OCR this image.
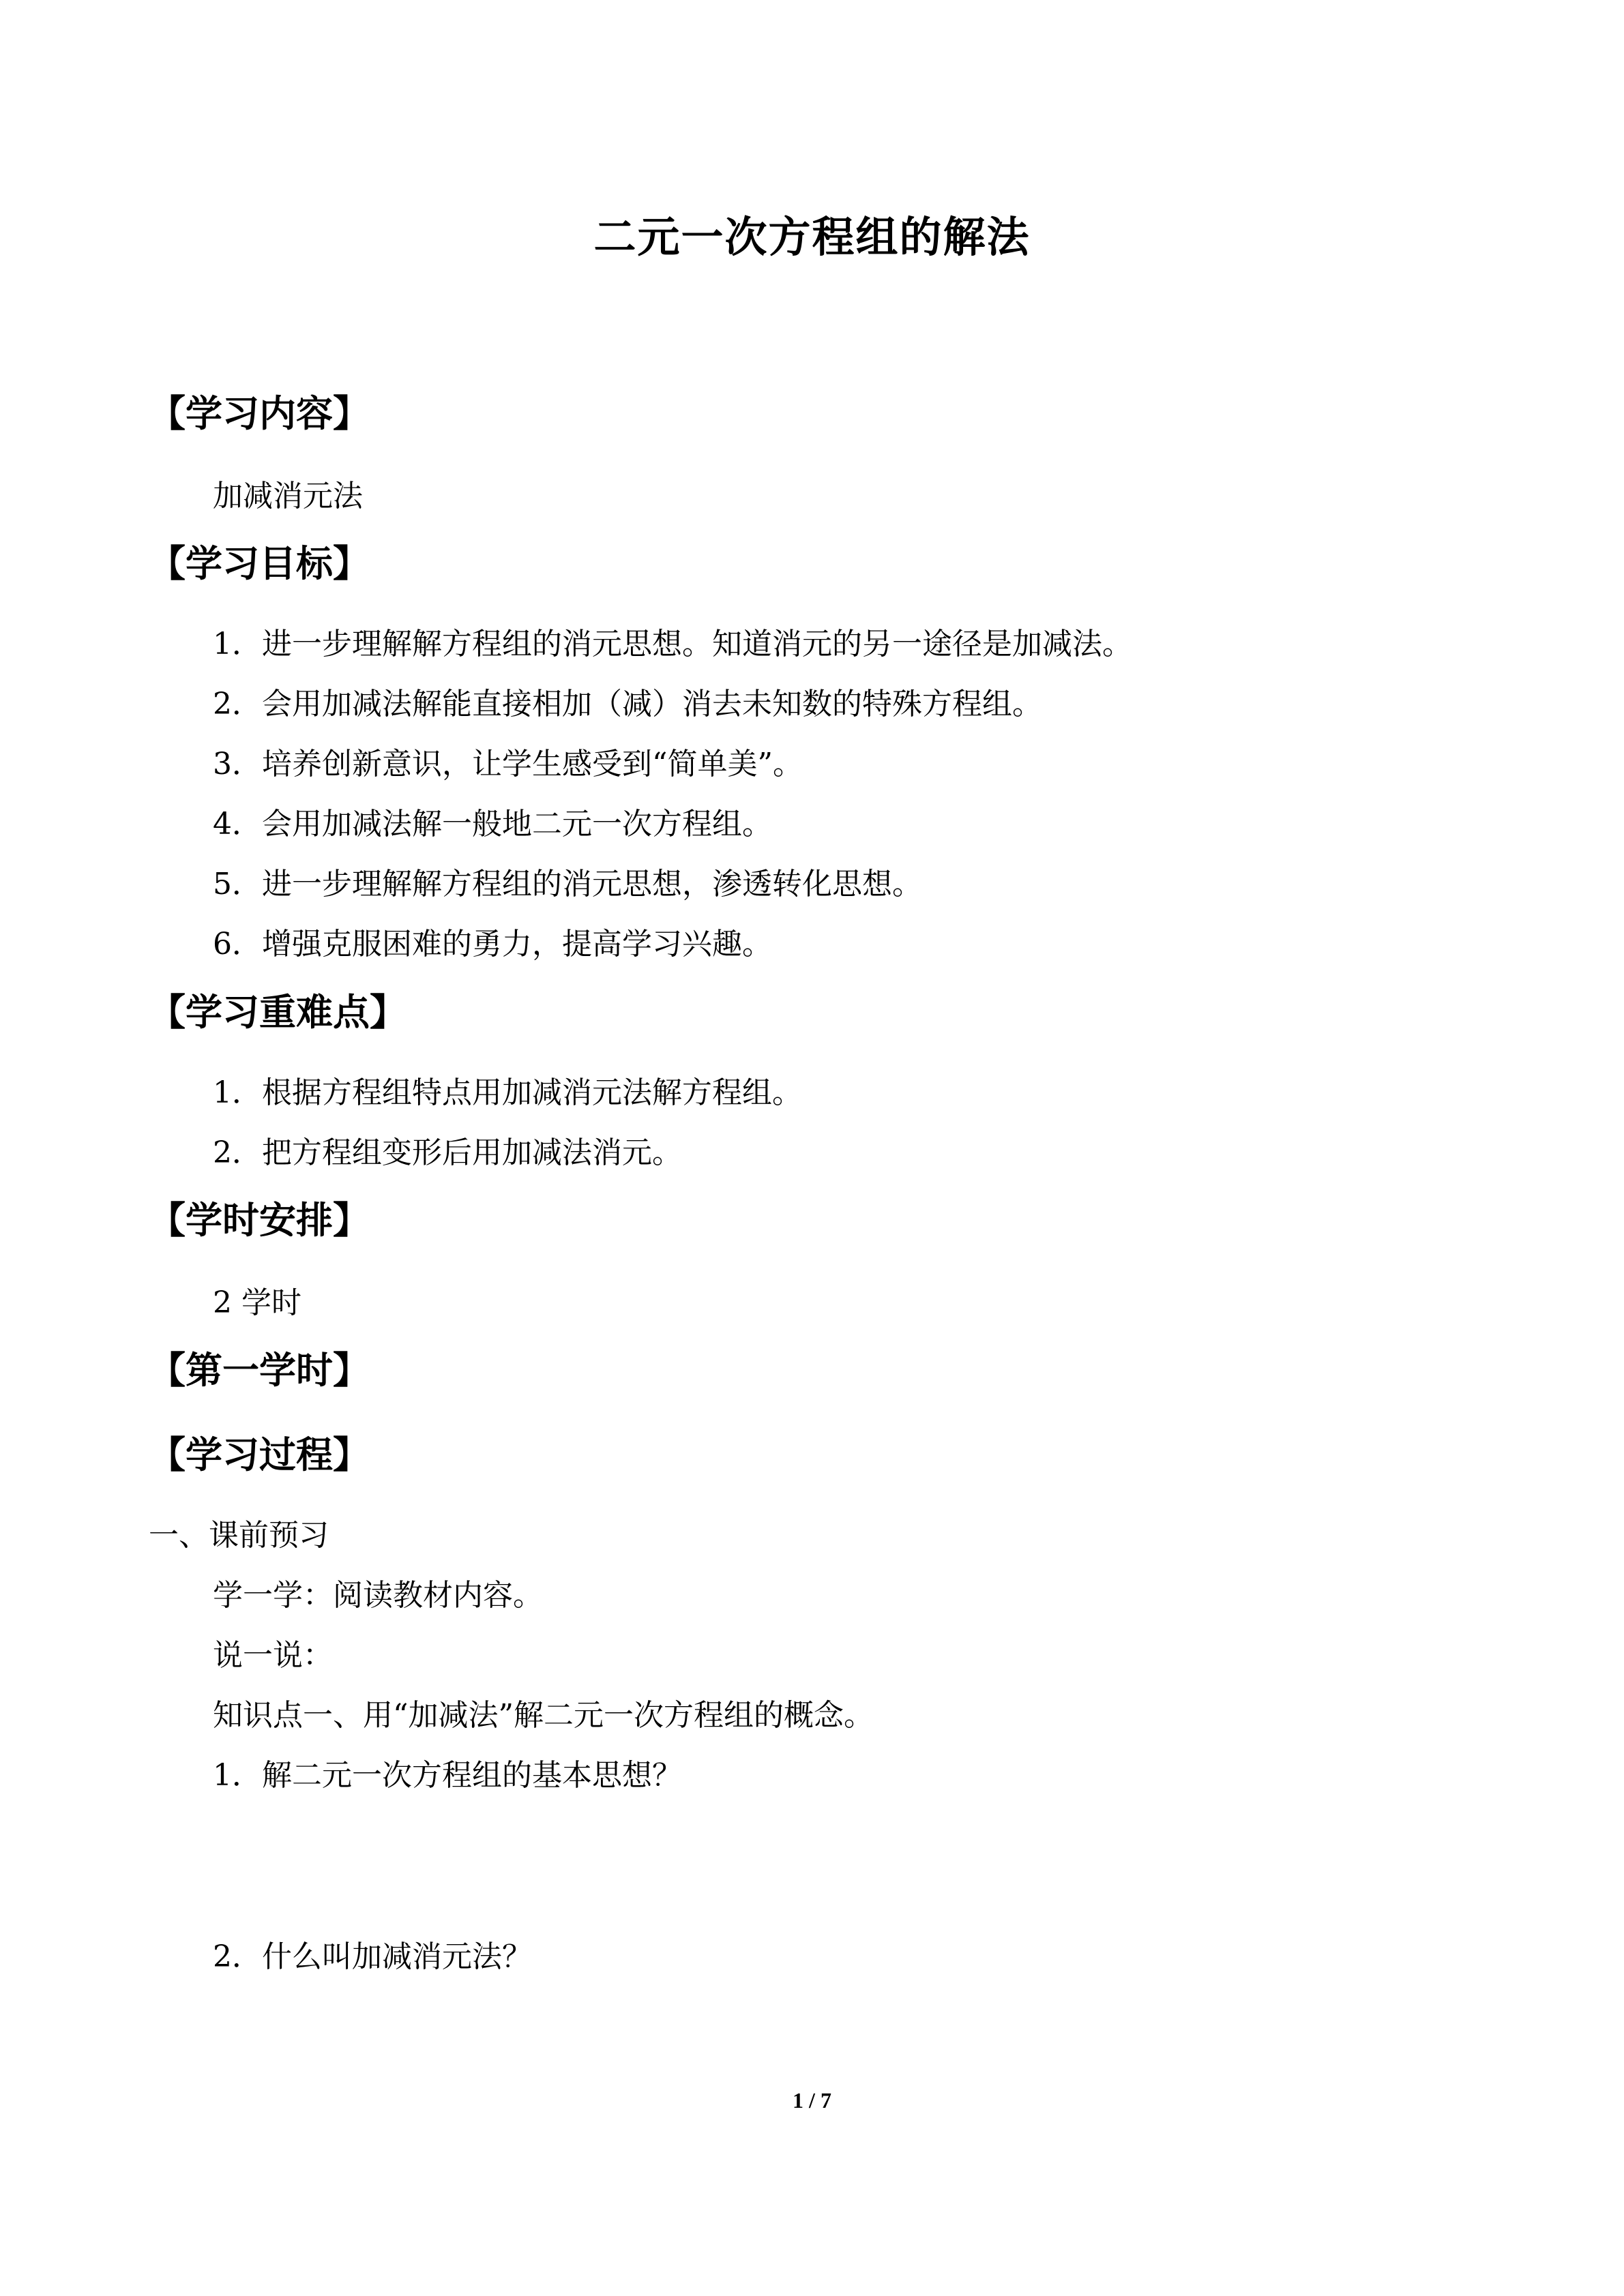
二元一次方程组的解法
【学习内容】
加减消元法
【学习目标】
1．进一步理解解方程组的消元思想。知道消元的另一途径是加减法。
2．会用加减法解能直接相加（减）消去未知数的特殊方程组。
3．培养创新意识，让学生感受到“简单美”。
4．会用加减法解一般地二元一次方程组。
5．进一步理解解方程组的消元思想，渗透转化思想。
6．增强克服困难的勇力，提高学习兴趣。
【学习重难点】
1．根据方程组特点用加减消元法解方程组。
2．把方程组变形后用加减法消元。
【学时安排】
2 学时
【第一学时】
【学习过程】
一、课前预习
学一学：阅读教材内容。
说一说：
知识点一、用“加减法”解二元一次方程组的概念。
1．解二元一次方程组的基本思想？
2．什么叫加减消元法？
1 / 7
